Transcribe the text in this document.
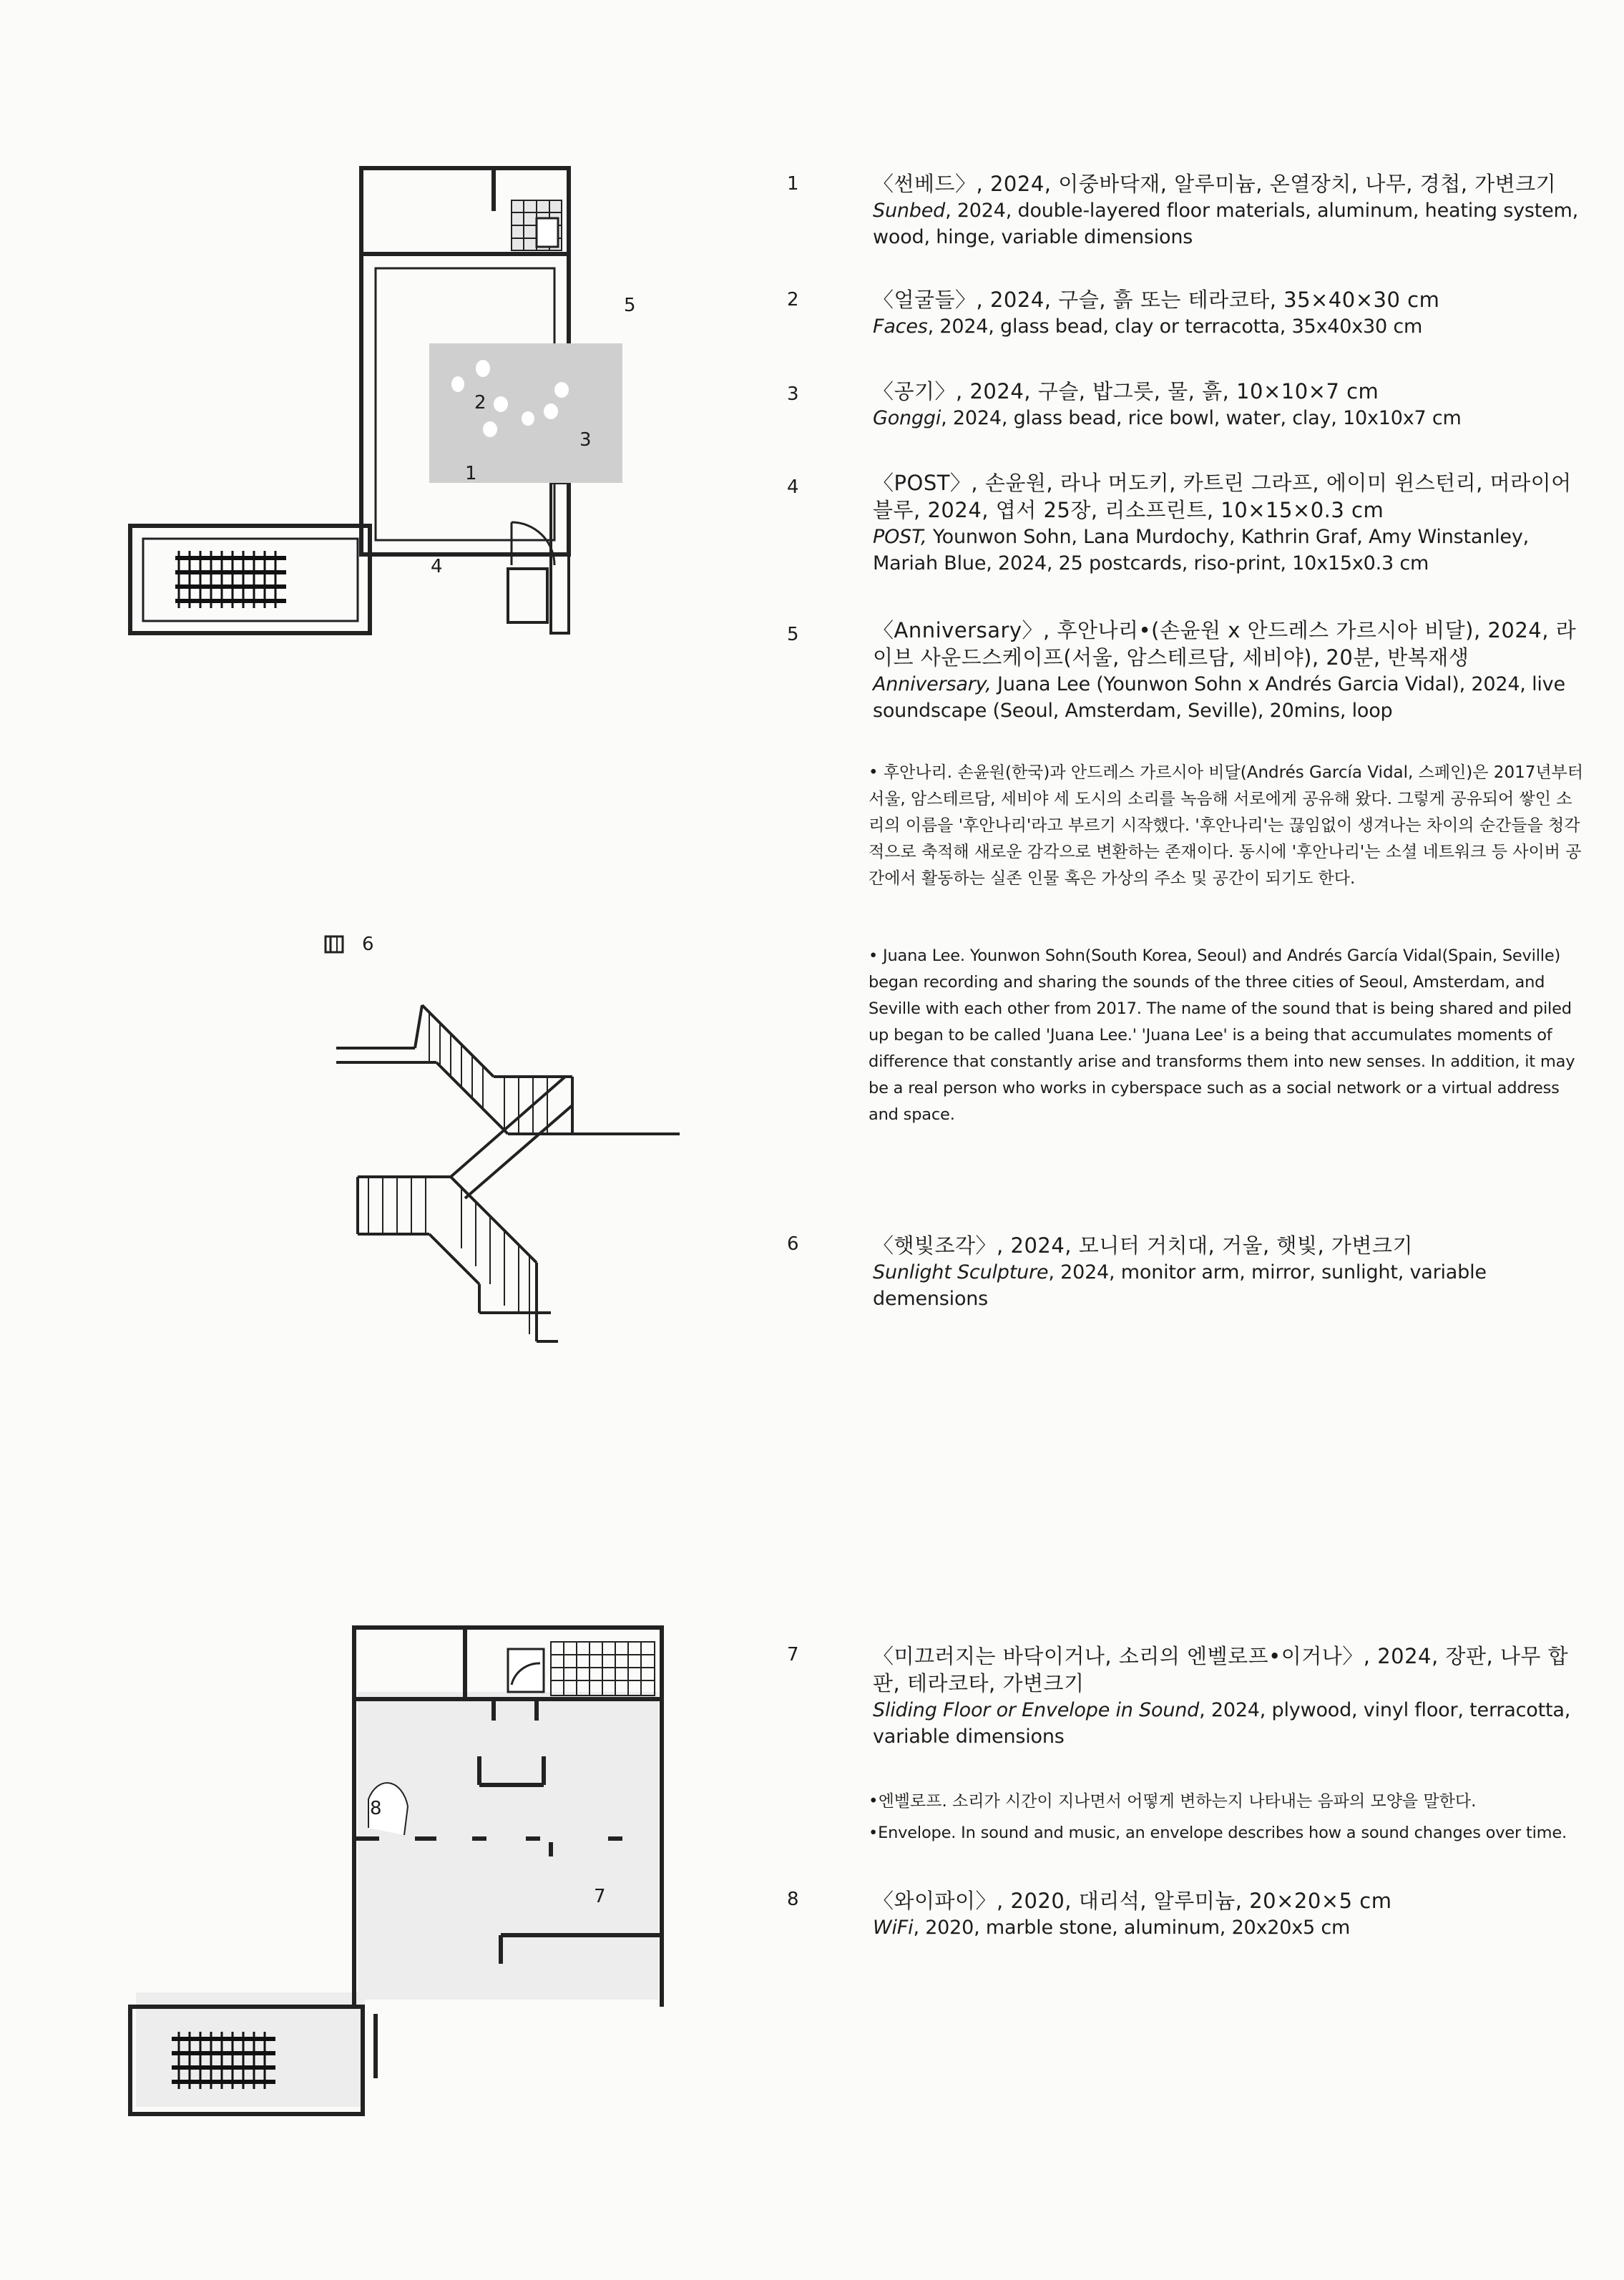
5
2
3
1
4
6
8
7
1	〈썬베드〉, 2024, 이중바닥재, 알루미늄, 온열장치, 나무, 경첩, 가변크기
Sunbed, 2024, double-layered floor materials, aluminum, heating system, wood, hinge, variable dimensions
2	〈얼굴들〉, 2024, 구슬, 흙 또는 테라코타, 35×40×30 cm
Faces, 2024, glass bead, clay or terracotta, 35x40x30 cm
3	〈공기〉, 2024, 구슬, 밥그릇, 물, 흙, 10×10×7 cm
Gonggi, 2024, glass bead, rice bowl, water, clay, 10x10x7 cm
4	〈POST〉, 손윤원, 라나 머도키, 카트린 그라프, 에이미 윈스턴리, 머라이어 블루, 2024, 엽서 25장, 리소프린트, 10×15×0.3 cm
POST, Younwon Sohn, Lana Murdochy, Kathrin Graf, Amy Winstanley, Mariah Blue, 2024, 25 postcards, riso-print, 10x15x0.3 cm
5	〈Anniversary〉, 후안나리•(손윤원 x 안드레스 가르시아 비달), 2024, 라이브 사운드스케이프(서울, 암스테르담, 세비야), 20분, 반복재생
Anniversary, Juana Lee (Younwon Sohn x Andrés Garcia Vidal), 2024, live soundscape (Seoul, Amsterdam, Seville), 20mins, loop
• 후안나리. 손윤원(한국)과 안드레스 가르시아 비달(Andrés García Vidal, 스페인)은 2017년부터 서울, 암스테르담, 세비야 세 도시의 소리를 녹음해 서로에게 공유해 왔다. 그렇게 공유되어 쌓인 소리의 이름을 '후안나리'라고 부르기 시작했다. '후안나리'는 끊임없이 생겨나는 차이의 순간들을 청각적으로 축적해 새로운 감각으로 변환하는 존재이다. 동시에 '후안나리'는 소셜 네트워크 등 사이버 공간에서 활동하는 실존 인물 혹은 가상의 주소 및 공간이 되기도 한다.
• Juana Lee. Younwon Sohn(South Korea, Seoul) and Andrés García Vidal(Spain, Seville) began recording and sharing the sounds of the three cities of Seoul, Amsterdam, and Seville with each other from 2017. The name of the sound that is being shared and piled up began to be called 'Juana Lee.' 'Juana Lee' is a being that accumulates moments of difference that constantly arise and transforms them into new senses. In addition, it may be a real person who works in cyberspace such as a social network or a virtual address and space.
6	〈햇빛조각〉, 2024, 모니터 거치대, 거울, 햇빛, 가변크기
Sunlight Sculpture, 2024, monitor arm, mirror, sunlight, variable demensions
7	〈미끄러지는 바닥이거나, 소리의 엔벨로프•이거나〉, 2024, 장판, 나무 합판, 테라코타, 가변크기
Sliding Floor or Envelope in Sound, 2024, plywood, vinyl floor, terracotta, variable dimensions
•엔벨로프. 소리가 시간이 지나면서 어떻게 변하는지 나타내는 음파의 모양을 말한다.
•Envelope. In sound and music, an envelope describes how a sound changes over time.
8	〈와이파이〉, 2020, 대리석, 알루미늄, 20×20×5 cm
WiFi, 2020, marble stone, aluminum, 20x20x5 cm
